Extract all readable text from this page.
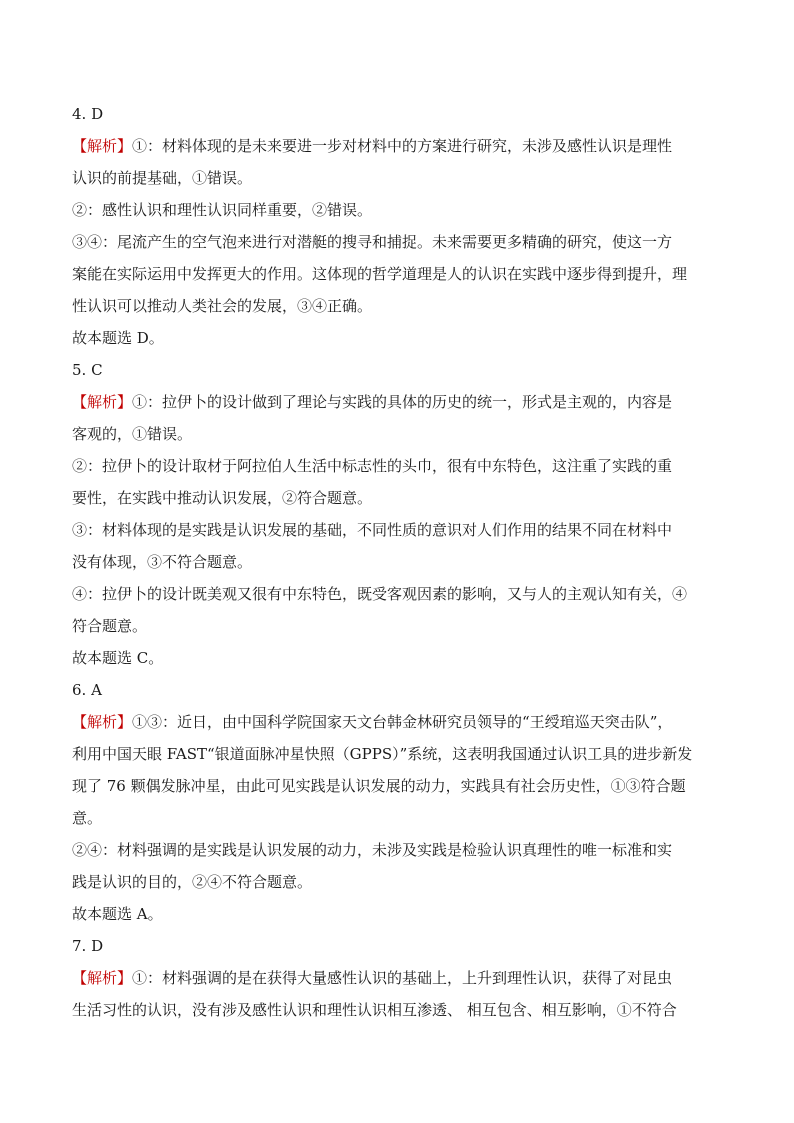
4. D
【解析】①：材料体现的是未来要进一步对材料中的方案进行研究，未涉及感性认识是理性
认识的前提基础，①错误。
②：感性认识和理性认识同样重要，②错误。
③④：尾流产生的空气泡来进行对潜艇的搜寻和捕捉。未来需要更多精确的研究，使这一方
案能在实际运用中发挥更大的作用。这体现的哲学道理是人的认识在实践中逐步得到提升，理
性认识可以推动人类社会的发展，③④正确。
故本题选 D。
5. C
【解析】①：拉伊卜的设计做到了理论与实践的具体的历史的统一，形式是主观的，内容是
客观的，①错误。
②：拉伊卜的设计取材于阿拉伯人生活中标志性的头巾，很有中东特色，这注重了实践的重
要性，在实践中推动认识发展，②符合题意。
③：材料体现的是实践是认识发展的基础，不同性质的意识对人们作用的结果不同在材料中
没有体现，③不符合题意。
④：拉伊卜的设计既美观又很有中东特色，既受客观因素的影响，又与人的主观认知有关，④
符合题意。
故本题选 C。
6. A
【解析】①③：近日，由中国科学院国家天文台韩金林研究员领导的“王绶琯巡天突击队”，
利用中国天眼 FAST“银道面脉冲星快照（GPPS）”系统，这表明我国通过认识工具的进步新发
现了 76 颗偶发脉冲星，由此可见实践是认识发展的动力，实践具有社会历史性，①③符合题
意。
②④：材料强调的是实践是认识发展的动力，未涉及实践是检验认识真理性的唯一标准和实
践是认识的目的，②④不符合题意。
故本题选 A。
7. D
【解析】①：材料强调的是在获得大量感性认识的基础上，上升到理性认识，获得了对昆虫
生活习性的认识，没有涉及感性认识和理性认识相互渗透、 相互包含、相互影响，①不符合
